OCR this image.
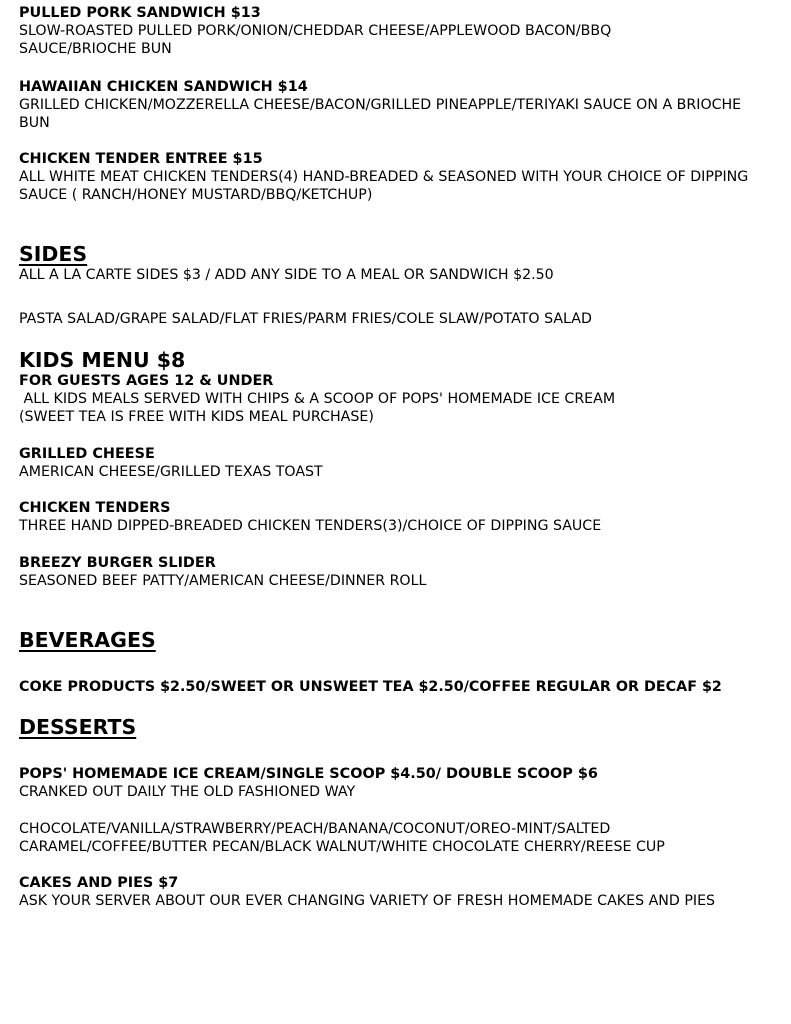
PULLED PORK SANDWICH $13
SLOW-ROASTED PULLED PORK/ONION/CHEDDAR CHEESE/APPLEWOOD BACON/BBQ SAUCE/BRIOCHE BUN
HAWAIIAN CHICKEN SANDWICH $14
GRILLED CHICKEN/MOZZERELLA CHEESE/BACON/GRILLED PINEAPPLE/TERIYAKI SAUCE ON A BRIOCHE BUN
CHICKEN TENDER ENTREE $15
ALL WHITE MEAT CHICKEN TENDERS(4) HAND-BREADED & SEASONED WITH YOUR CHOICE OF DIPPING SAUCE ( RANCH/HONEY MUSTARD/BBQ/KETCHUP)
SIDES
ALL A LA CARTE SIDES $3 / ADD ANY SIDE TO A MEAL OR SANDWICH $2.50
PASTA SALAD/GRAPE SALAD/FLAT FRIES/PARM FRIES/COLE SLAW/POTATO SALAD
KIDS MENU $8
FOR GUESTS AGES 12 & UNDER
ALL KIDS MEALS SERVED WITH CHIPS & A SCOOP OF POPS' HOMEMADE ICE CREAM
(SWEET TEA IS FREE WITH KIDS MEAL PURCHASE)
GRILLED CHEESE
AMERICAN CHEESE/GRILLED TEXAS TOAST
CHICKEN TENDERS
THREE HAND DIPPED-BREADED CHICKEN TENDERS(3)/CHOICE OF DIPPING SAUCE
BREEZY BURGER SLIDER
SEASONED BEEF PATTY/AMERICAN CHEESE/DINNER ROLL
BEVERAGES
COKE PRODUCTS $2.50/SWEET OR UNSWEET TEA $2.50/COFFEE REGULAR OR DECAF $2
DESSERTS
POPS' HOMEMADE ICE CREAM/SINGLE SCOOP $4.50/ DOUBLE SCOOP $6
CRANKED OUT DAILY THE OLD FASHIONED WAY
CHOCOLATE/VANILLA/STRAWBERRY/PEACH/BANANA/COCONUT/OREO-MINT/SALTED CARAMEL/COFFEE/BUTTER PECAN/BLACK WALNUT/WHITE CHOCOLATE CHERRY/REESE CUP
CAKES AND PIES $7
ASK YOUR SERVER ABOUT OUR EVER CHANGING VARIETY OF FRESH HOMEMADE CAKES AND PIES
